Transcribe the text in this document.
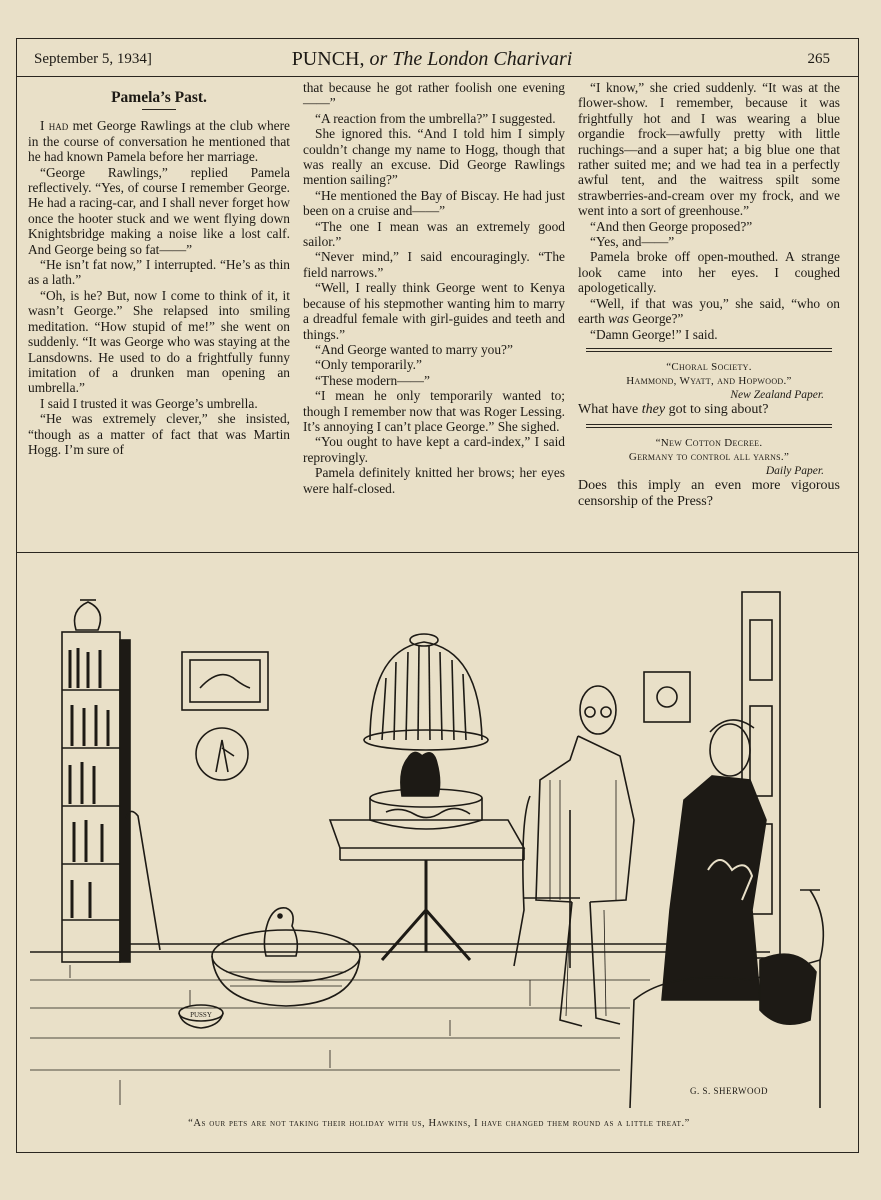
September 5, 1934]	PUNCH, or The London Charivari	265
Pamela’s Past.

I had met George Rawlings at the club where in the course of conversation he mentioned that he had known Pamela before her marriage.

“George Rawlings,” replied Pamela reflectively. “Yes, of course I remember George. He had a racing-car, and I shall never forget how once the hooter stuck and we went flying down Knightsbridge making a noise like a lost calf. And George being so fat——”

“He isn’t fat now,” I interrupted. “He’s as thin as a lath.”

“Oh, is he? But, now I come to think of it, it wasn’t George.” She relapsed into smiling meditation. “How stupid of me!” she went on suddenly. “It was George who was staying at the Lansdowns. He used to do a frightfully funny imitation of a drunken man opening an umbrella.”

I said I trusted it was George’s umbrella.

“He was extremely clever,” she insisted, “though as a matter of fact that was Martin Hogg. I’m sure of

that because he got rather foolish one evening——”

“A reaction from the umbrella?” I suggested.

She ignored this. “And I told him I simply couldn’t change my name to Hogg, though that was really an excuse. Did George Rawlings mention sailing?”

“He mentioned the Bay of Biscay. He had just been on a cruise and——”

“The one I mean was an extremely good sailor.”

“Never mind,” I said encouragingly. “The field narrows.”

“Well, I really think George went to Kenya because of his stepmother wanting him to marry a dreadful female with girl-guides and teeth and things.”

“And George wanted to marry you?”

“Only temporarily.”

“These modern——”

“I mean he only temporarily wanted to; though I remember now that was Roger Lessing. It’s annoying I can’t place George.” She sighed.

“You ought to have kept a card-index,” I said reprovingly.

Pamela definitely knitted her brows; her eyes were half-closed.

“I know,” she cried suddenly. “It was at the flower-show. I remember, because it was frightfully hot and I was wearing a blue organdie frock—awfully pretty with little ruchings—and a super hat; a big blue one that rather suited me; and we had tea in a perfectly awful tent, and the waitress spilt some strawberries-and-cream over my frock, and we went into a sort of greenhouse.”

“And then George proposed?”

“Yes, and——”

Pamela broke off open-mouthed. A strange look came into her eyes. I coughed apologetically.

“Well, if that was you,” she said, “who on earth was George?”

“Damn George!” I said.

“Choral Society.
Hammond, Wyatt, and Hopwood.”
New Zealand Paper.

What have they got to sing about?

“New Cotton Decree.
Germany to control all yarns.”
Daily Paper.

Does this imply an even more vigorous censorship of the Press?

PUSSY
G. S. SHERWOOD
“As our pets are not taking their holiday with us, Hawkins, I have changed them round as a little treat.”
